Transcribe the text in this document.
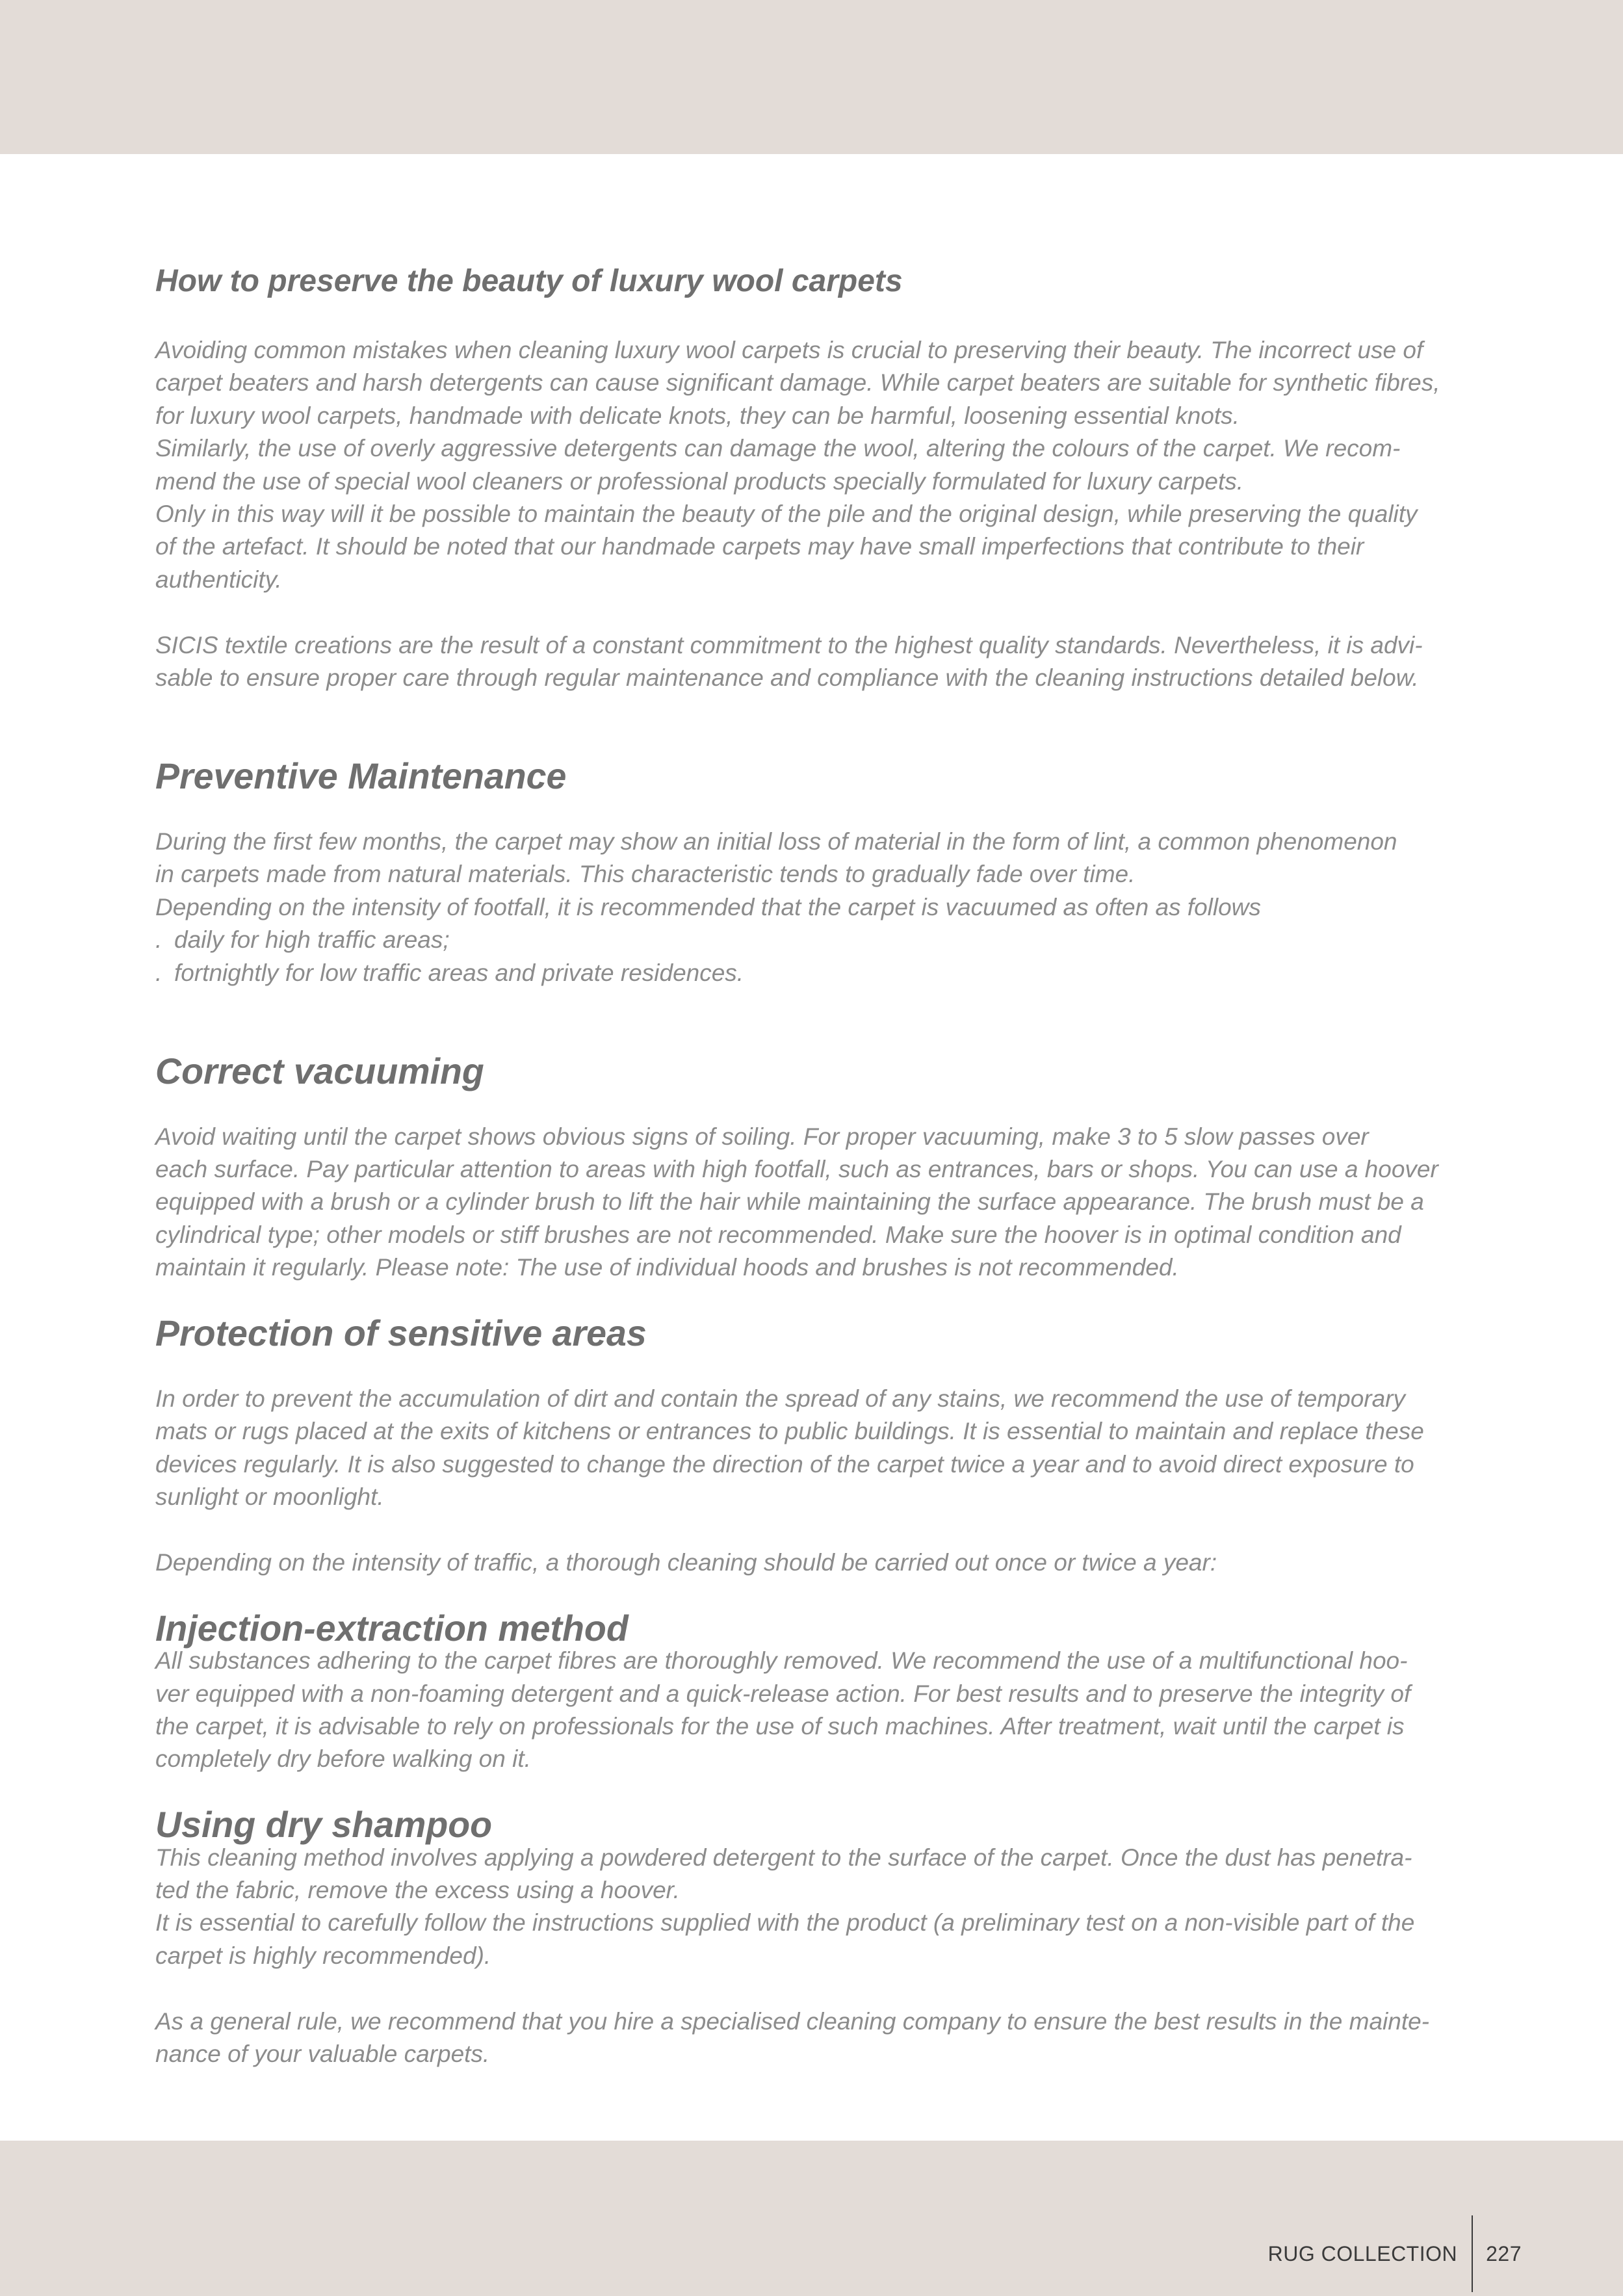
How to preserve the beauty of luxury wool carpets

Avoiding common mistakes when cleaning luxury wool carpets is crucial to preserving their beauty. The incorrect use of

carpet beaters and harsh detergents can cause significant damage. While carpet beaters are suitable for synthetic fibres,

for luxury wool carpets, handmade with delicate knots, they can be harmful, loosening essential knots.

Similarly, the use of overly aggressive detergents can damage the wool, altering the colours of the carpet. We recom-

mend the use of special wool cleaners or professional products specially formulated for luxury carpets.

Only in this way will it be possible to maintain the beauty of the pile and the original design, while preserving the quality

of the artefact. It should be noted that our handmade carpets may have small imperfections that contribute to their

authenticity.

SICIS textile creations are the result of a constant commitment to the highest quality standards. Nevertheless, it is advi-

sable to ensure proper care through regular maintenance and compliance with the cleaning instructions detailed below.

Preventive Maintenance

During the first few months, the carpet may show an initial loss of material in the form of lint, a common phenomenon

in carpets made from natural materials. This characteristic tends to gradually fade over time.

Depending on the intensity of footfall, it is recommended that the carpet is vacuumed as often as follows

. daily for high traffic areas;

. fortnightly for low traffic areas and private residences.

Correct vacuuming

Avoid waiting until the carpet shows obvious signs of soiling. For proper vacuuming, make 3 to 5 slow passes over

each surface. Pay particular attention to areas with high footfall, such as entrances, bars or shops. You can use a hoover

equipped with a brush or a cylinder brush to lift the hair while maintaining the surface appearance. The brush must be a

cylindrical type; other models or stiff brushes are not recommended. Make sure the hoover is in optimal condition and

maintain it regularly. Please note: The use of individual hoods and brushes is not recommended.

Protection of sensitive areas

In order to prevent the accumulation of dirt and contain the spread of any stains, we recommend the use of temporary

mats or rugs placed at the exits of kitchens or entrances to public buildings. It is essential to maintain and replace these

devices regularly. It is also suggested to change the direction of the carpet twice a year and to avoid direct exposure to

sunlight or moonlight.

Depending on the intensity of traffic, a thorough cleaning should be carried out once or twice a year:

Injection-extraction method

All substances adhering to the carpet fibres are thoroughly removed. We recommend the use of a multifunctional hoo-

ver equipped with a non-foaming detergent and a quick-release action. For best results and to preserve the integrity of

the carpet, it is advisable to rely on professionals for the use of such machines. After treatment, wait until the carpet is

completely dry before walking on it.

Using dry shampoo

This cleaning method involves applying a powdered detergent to the surface of the carpet. Once the dust has penetra-

ted the fabric, remove the excess using a hoover.

It is essential to carefully follow the instructions supplied with the product (a preliminary test on a non-visible part of the

carpet is highly recommended).

As a general rule, we recommend that you hire a specialised cleaning company to ensure the best results in the mainte-

nance of your valuable carpets.

RUG COLLECTION 227
